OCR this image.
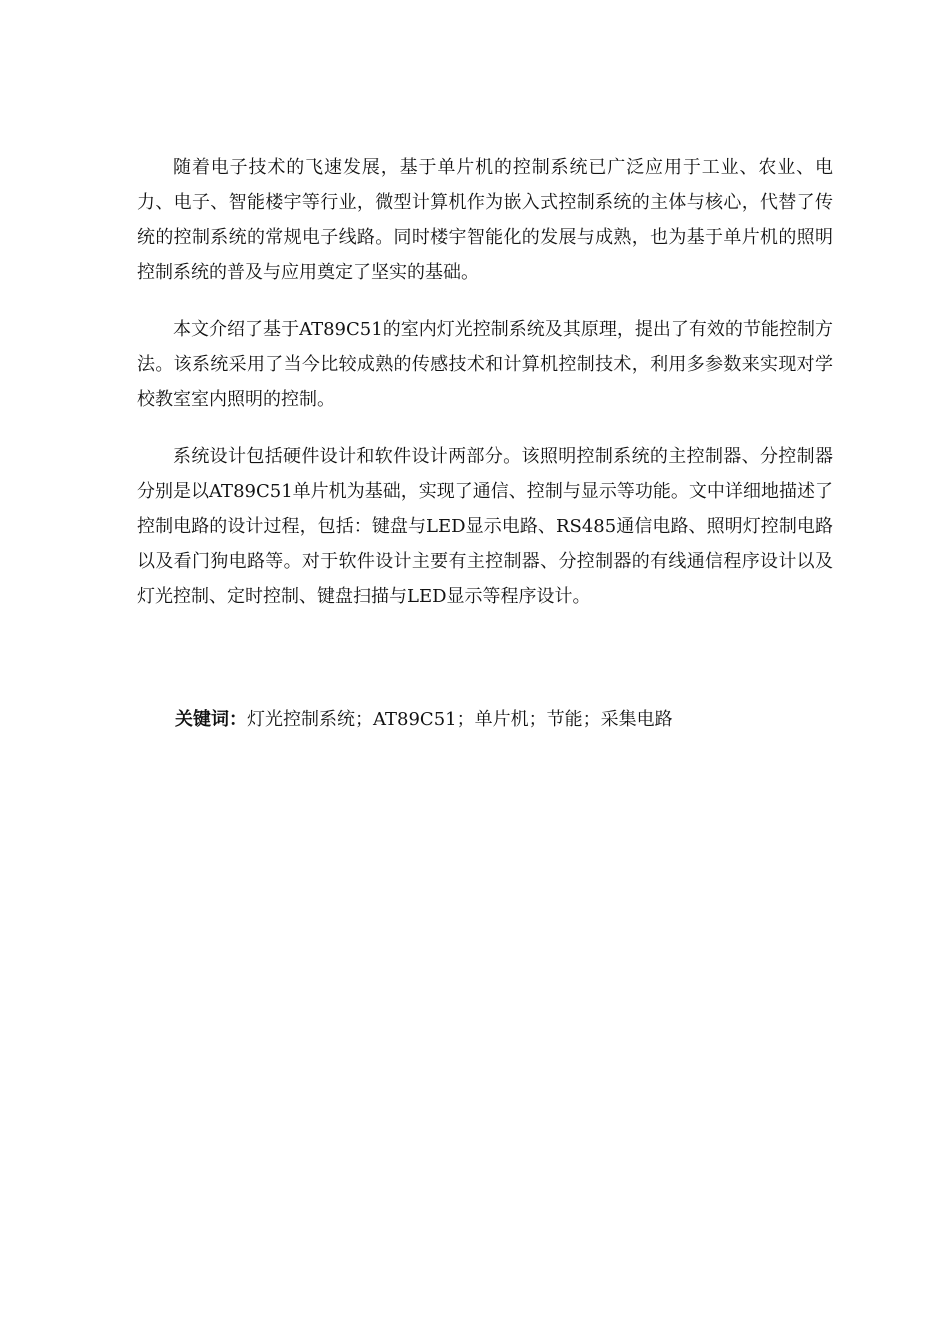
随着电子技术的飞速发展，基于单片机的控制系统已广泛应用于工业、农业、电力、电子、智能楼宇等行业，微型计算机作为嵌入式控制系统的主体与核心，代替了传统的控制系统的常规电子线路。同时楼宇智能化的发展与成熟，也为基于单片机的照明控制系统的普及与应用奠定了坚实的基础。

本文介绍了基于AT89C51的室内灯光控制系统及其原理，提出了有效的节能控制方法。该系统采用了当今比较成熟的传感技术和计算机控制技术，利用多参数来实现对学校教室室内照明的控制。

系统设计包括硬件设计和软件设计两部分。该照明控制系统的主控制器、分控制器分别是以AT89C51单片机为基础，实现了通信、控制与显示等功能。文中详细地描述了控制电路的设计过程，包括：键盘与LED显示电路、RS485通信电路、照明灯控制电路以及看门狗电路等。对于软件设计主要有主控制器、分控制器的有线通信程序设计以及灯光控制、定时控制、键盘扫描与LED显示等程序设计。

关键词：灯光控制系统；AT89C51；单片机；节能；采集电路
